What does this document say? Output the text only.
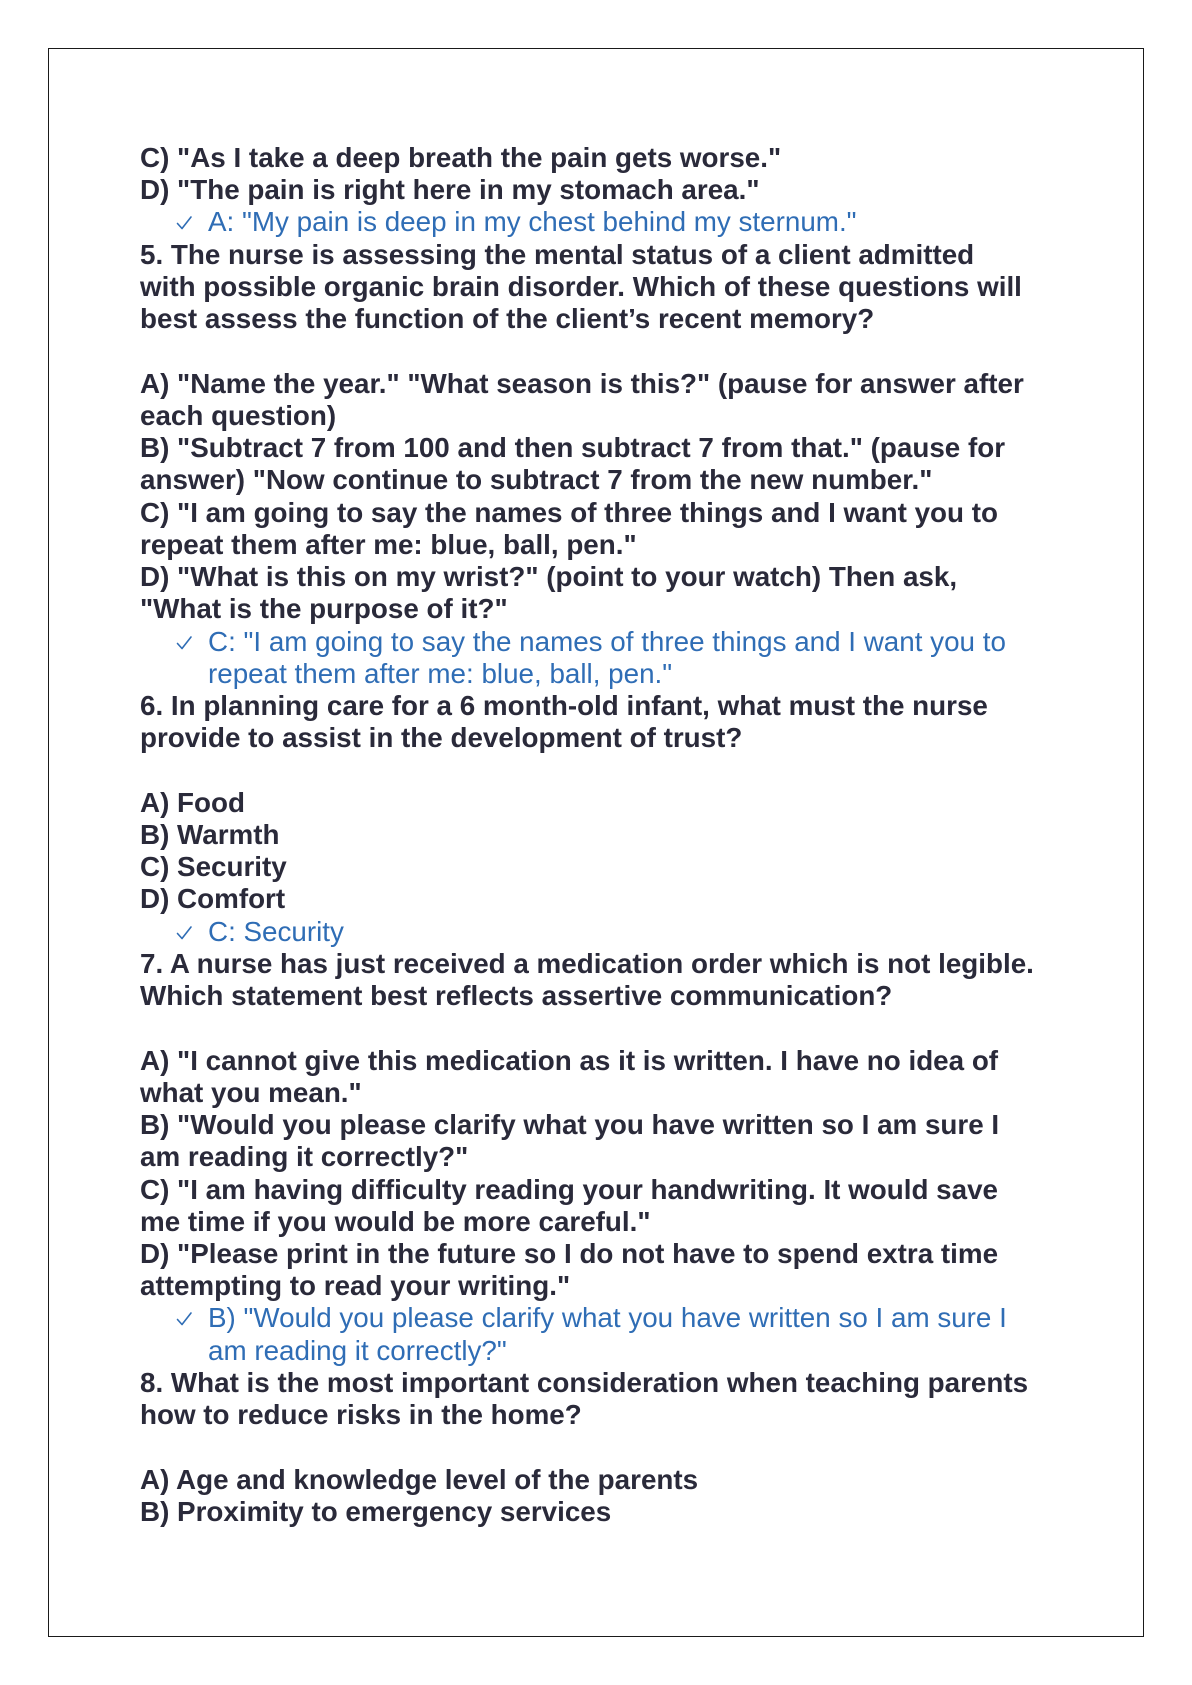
C) "As I take a deep breath the pain gets worse."
D) "The pain is right here in my stomach area."
A: "My pain is deep in my chest behind my sternum."
5. The nurse is assessing the mental status of a client admitted
with possible organic brain disorder. Which of these questions will
best assess the function of the client’s recent memory?
A) "Name the year." "What season is this?" (pause for answer after
each question)
B) "Subtract 7 from 100 and then subtract 7 from that." (pause for
answer) "Now continue to subtract 7 from the new number."
C) "I am going to say the names of three things and I want you to
repeat them after me: blue, ball, pen."
D) "What is this on my wrist?" (point to your watch) Then ask,
"What is the purpose of it?"
C: "I am going to say the names of three things and I want you to
repeat them after me: blue, ball, pen."
6. In planning care for a 6 month-old infant, what must the nurse
provide to assist in the development of trust?
A) Food
B) Warmth
C) Security
D) Comfort
C: Security
7. A nurse has just received a medication order which is not legible.
Which statement best reflects assertive communication?
A) "I cannot give this medication as it is written. I have no idea of
what you mean."
B) "Would you please clarify what you have written so I am sure I
am reading it correctly?"
C) "I am having difficulty reading your handwriting. It would save
me time if you would be more careful."
D) "Please print in the future so I do not have to spend extra time
attempting to read your writing."
B) "Would you please clarify what you have written so I am sure I
am reading it correctly?"
8. What is the most important consideration when teaching parents
how to reduce risks in the home?
A) Age and knowledge level of the parents
B) Proximity to emergency services
